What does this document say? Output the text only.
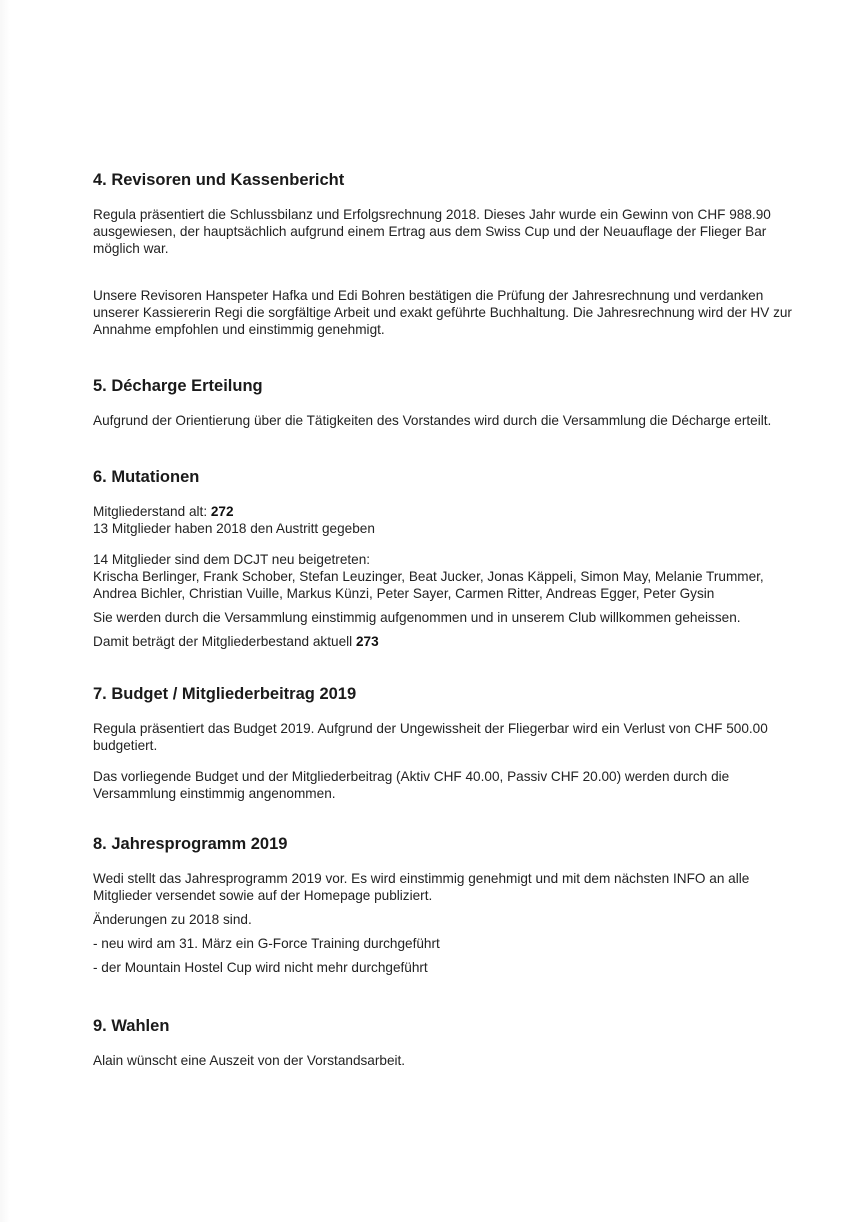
4. Revisoren und Kassenbericht

Regula präsentiert die Schlussbilanz und Erfolgsrechnung 2018. Dieses Jahr wurde ein Gewinn von CHF 988.90 ausgewiesen, der hauptsächlich aufgrund einem Ertrag aus dem Swiss Cup und der Neuauflage der Flieger Bar möglich war.

Unsere Revisoren Hanspeter Hafka und Edi Bohren bestätigen die Prüfung der Jahresrechnung und verdanken unserer Kassiererin Regi die sorgfältige Arbeit und exakt geführte Buchhaltung. Die Jahresrechnung wird der HV zur Annahme empfohlen und einstimmig genehmigt.

5. Décharge Erteilung

Aufgrund der Orientierung über die Tätigkeiten des Vorstandes wird durch die Versammlung die Décharge erteilt.

6. Mutationen

Mitgliederstand alt: 272
13 Mitglieder haben 2018 den Austritt gegeben

14 Mitglieder sind dem DCJT neu beigetreten:
Krischa Berlinger, Frank Schober, Stefan Leuzinger, Beat Jucker, Jonas Käppeli, Simon May, Melanie Trummer, Andrea Bichler, Christian Vuille, Markus Künzi, Peter Sayer, Carmen Ritter, Andreas Egger, Peter Gysin

Sie werden durch die Versammlung einstimmig aufgenommen und in unserem Club willkommen geheissen.

Damit beträgt der Mitgliederbestand aktuell 273

7. Budget / Mitgliederbeitrag 2019

Regula präsentiert das Budget 2019. Aufgrund der Ungewissheit der Fliegerbar wird ein Verlust von CHF 500.00 budgetiert.

Das vorliegende Budget und der Mitgliederbeitrag (Aktiv CHF 40.00, Passiv CHF 20.00) werden durch die Versammlung einstimmig angenommen.

8. Jahresprogramm 2019

Wedi stellt das Jahresprogramm 2019 vor. Es wird einstimmig genehmigt und mit dem nächsten INFO an alle Mitglieder versendet sowie auf der Homepage publiziert.

Änderungen zu 2018 sind.

- neu wird am 31. März ein G-Force Training durchgeführt

- der Mountain Hostel Cup wird nicht mehr durchgeführt

9. Wahlen

Alain wünscht eine Auszeit von der Vorstandsarbeit.
